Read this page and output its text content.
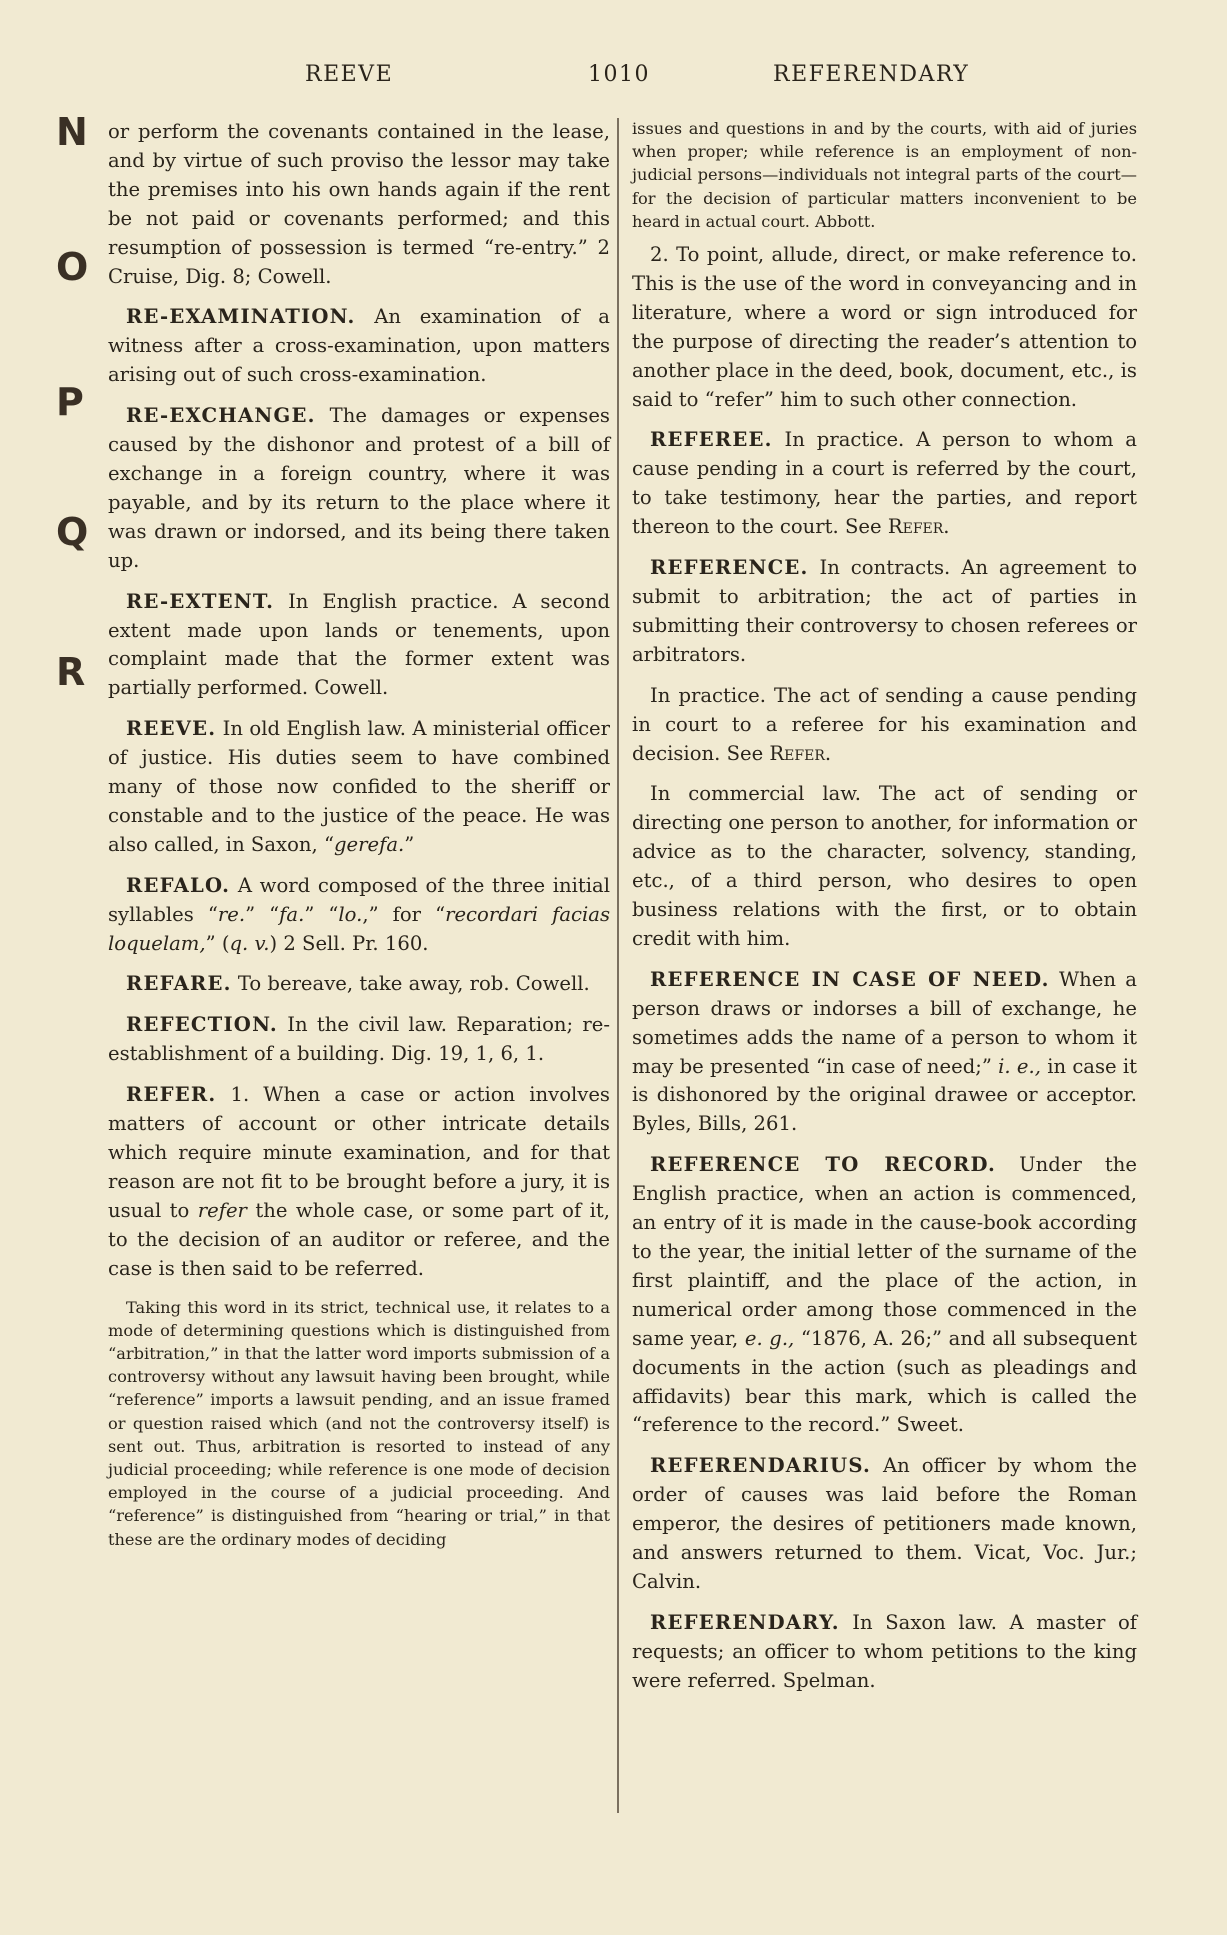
REEVE	1010	REFERENDARY
N
O
P
Q
R

or perform the covenants contained in the lease, and by virtue of such proviso the lessor may take the premises into his own hands again if the rent be not paid or covenants performed; and this resumption of possession is termed “re-entry.” 2 Cruise, Dig. 8; Cowell.

RE-EXAMINATION. An examination of a witness after a cross-examination, upon matters arising out of such cross-examination.

RE-EXCHANGE. The damages or expenses caused by the dishonor and protest of a bill of exchange in a foreign country, where it was payable, and by its return to the place where it was drawn or indorsed, and its being there taken up.

RE-EXTENT. In English practice. A second extent made upon lands or tenements, upon complaint made that the former extent was partially performed. Cowell.

REEVE. In old English law. A ministerial officer of justice. His duties seem to have combined many of those now confided to the sheriff or constable and to the justice of the peace. He was also called, in Saxon, “gerefa.”

REFALO. A word composed of the three initial syllables “re.” “fa.” “lo.,” for “recordari facias loquelam,” (q. v.) 2 Sell. Pr. 160.

REFARE. To bereave, take away, rob. Cowell.

REFECTION. In the civil law. Reparation; re-establishment of a building. Dig. 19, 1, 6, 1.

REFER. 1. When a case or action involves matters of account or other intricate details which require minute examination, and for that reason are not fit to be brought before a jury, it is usual to refer the whole case, or some part of it, to the decision of an auditor or referee, and the case is then said to be referred.

Taking this word in its strict, technical use, it relates to a mode of determining questions which is distinguished from “arbitration,” in that the latter word imports submission of a controversy without any lawsuit having been brought, while “reference” imports a lawsuit pending, and an issue framed or question raised which (and not the controversy itself) is sent out. Thus, arbitration is resorted to instead of any judicial proceeding; while reference is one mode of decision employed in the course of a judicial proceeding. And “reference” is distinguished from “hearing or trial,” in that these are the ordinary modes of deciding

issues and questions in and by the courts, with aid of juries when proper; while reference is an employment of non-judicial persons—individuals not integral parts of the court—for the decision of particular matters inconvenient to be heard in actual court. Abbott.

2. To point, allude, direct, or make reference to. This is the use of the word in conveyancing and in literature, where a word or sign introduced for the purpose of directing the reader’s attention to another place in the deed, book, document, etc., is said to “refer” him to such other connection.

REFEREE. In practice. A person to whom a cause pending in a court is referred by the court, to take testimony, hear the parties, and report thereon to the court. See Refer.

REFERENCE. In contracts. An agreement to submit to arbitration; the act of parties in submitting their controversy to chosen referees or arbitrators.

In practice. The act of sending a cause pending in court to a referee for his examination and decision. See Refer.

In commercial law. The act of sending or directing one person to another, for information or advice as to the character, solvency, standing, etc., of a third person, who desires to open business relations with the first, or to obtain credit with him.

REFERENCE IN CASE OF NEED. When a person draws or indorses a bill of exchange, he sometimes adds the name of a person to whom it may be presented “in case of need;” i. e., in case it is dishonored by the original drawee or acceptor. Byles, Bills, 261.

REFERENCE TO RECORD. Under the English practice, when an action is commenced, an entry of it is made in the cause-book according to the year, the initial letter of the surname of the first plaintiff, and the place of the action, in numerical order among those commenced in the same year, e. g., “1876, A. 26;” and all subsequent documents in the action (such as pleadings and affidavits) bear this mark, which is called the “reference to the record.” Sweet.

REFERENDARIUS. An officer by whom the order of causes was laid before the Roman emperor, the desires of petitioners made known, and answers returned to them. Vicat, Voc. Jur.; Calvin.

REFERENDARY. In Saxon law. A master of requests; an officer to whom petitions to the king were referred. Spelman.
